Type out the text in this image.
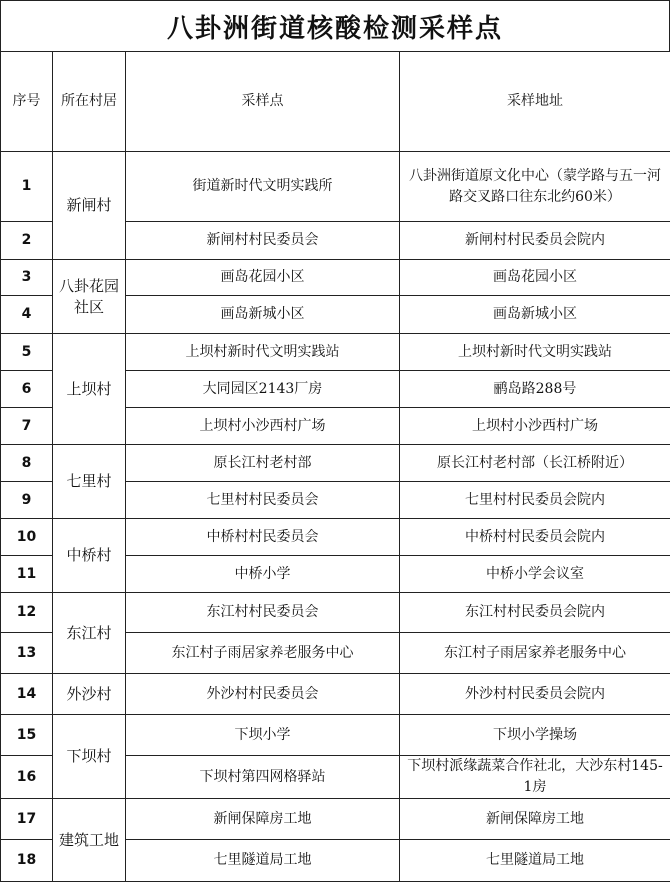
八卦洲街道核酸检测采样点
序号	所在村居	采样点	采样地址
1	新闸村	街道新时代文明实践所	八卦洲街道原文化中心（蒙学路与五一河路交叉路口往东北约60米）
2		新闸村村民委员会	新闸村村民委员会院内
3	八卦花园社区	画岛花园小区	画岛花园小区
4		画岛新城小区	画岛新城小区
5	上坝村	上坝村新时代文明实践站	上坝村新时代文明实践站
6		大同园区2143厂房	鹂岛路288号
7		上坝村小沙西村广场	上坝村小沙西村广场
8	七里村	原长江村老村部	原长江村老村部（长江桥附近）
9		七里村村民委员会	七里村村民委员会院内
10	中桥村	中桥村村民委员会	中桥村村民委员会院内
11		中桥小学	中桥小学会议室
12	东江村	东江村村民委员会	东江村村民委员会院内
13		东江村子雨居家养老服务中心	东江村子雨居家养老服务中心
14	外沙村	外沙村村民委员会	外沙村村民委员会院内
15	下坝村	下坝小学	下坝小学操场
16		下坝村第四网格驿站	下坝村派缘蔬菜合作社北，大沙东村145-1房
17	建筑工地	新闸保障房工地	新闸保障房工地
18		七里隧道局工地	七里隧道局工地
